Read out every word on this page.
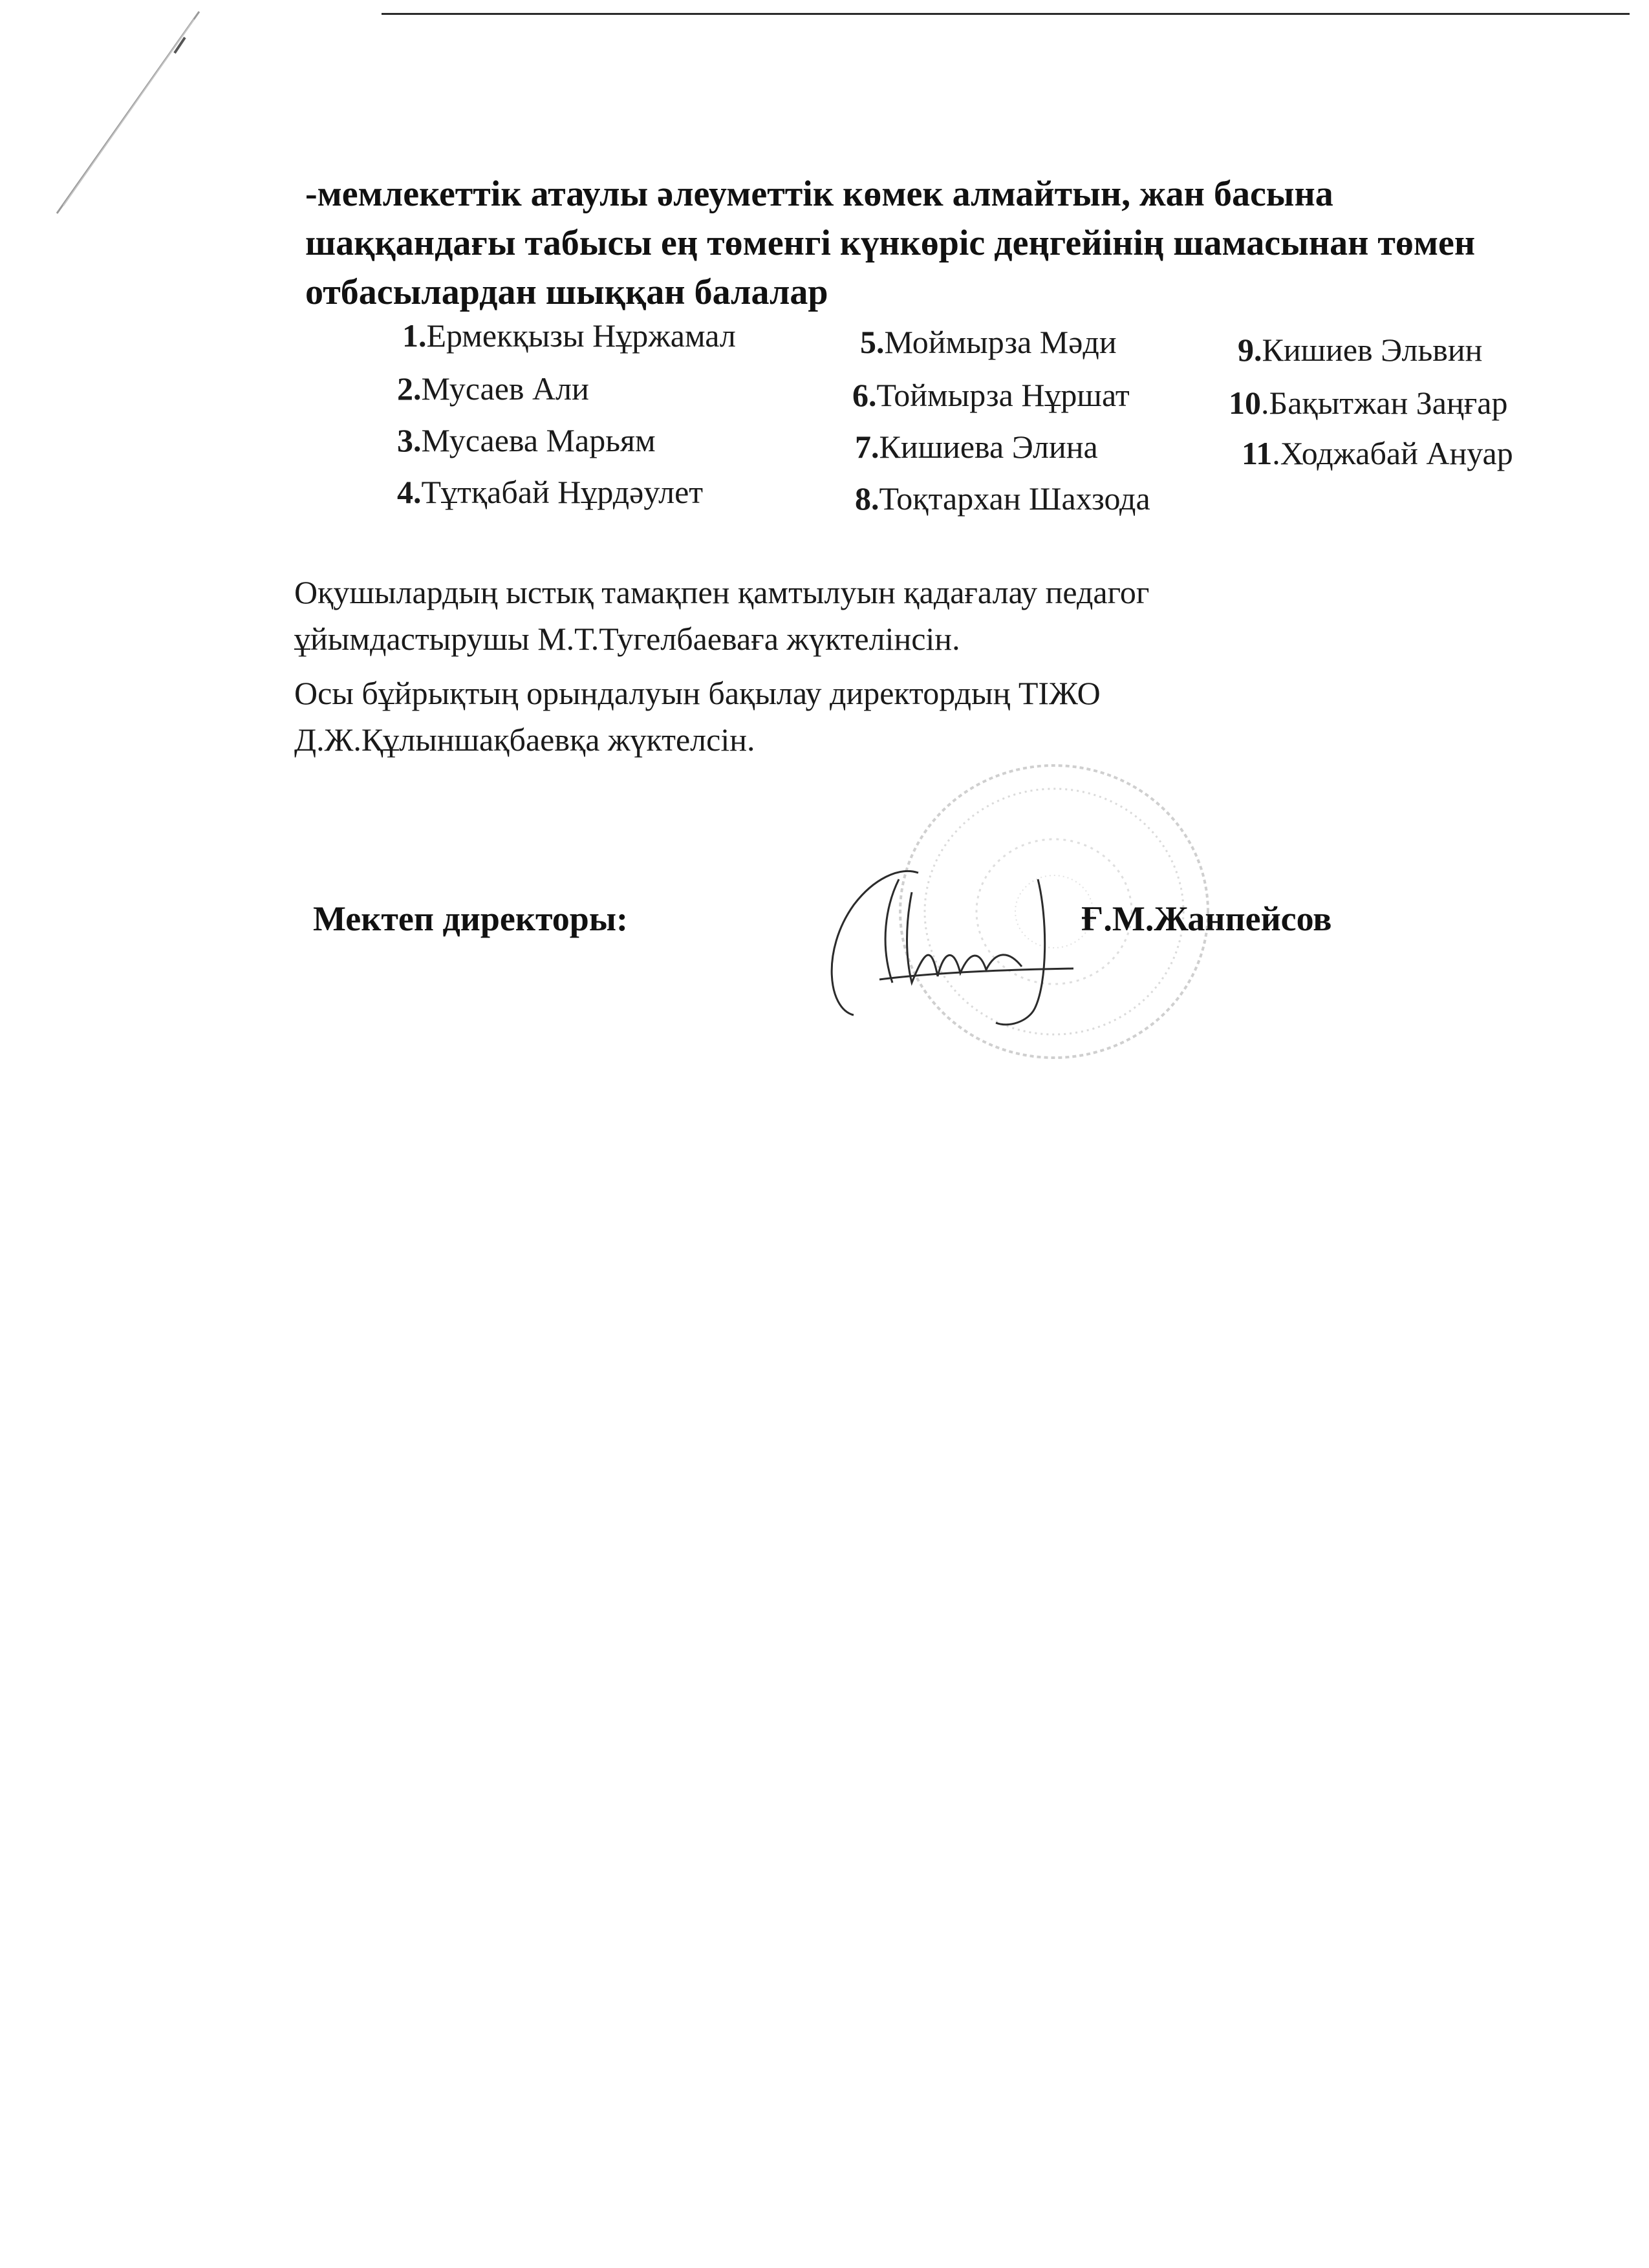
-мемлекеттік атаулы әлеуметтік көмек алмайтын, жан басына
шаққандағы табысы ең төменгі күнкөріс деңгейінің шамасынан төмен
отбасылардан шыққан балалар
1.Ермекқызы Нұржамал
2.Мусаев Али
3.Мусаева Марьям
4.Тұтқабай Нұрдәулет
5.Моймырза Мәди
6.Тоймырза Нұршат
7.Кишиева Элина
8.Тоқтархан Шахзода
9.Кишиев Эльвин
10.Бақытжан Заңғар
11.Ходжабай Ануар
Оқушылардың ыстық тамақпен қамтылуын қадағалау педагог
ұйымдастырушы М.Т.Тугелбаеваға жүктелінсін.
Осы бұйрықтың орындалуын бақылау директордың ТІЖО
Д.Ж.Құлыншақбаевқа жүктелсін.
Мектеп директоры:	Ғ.М.Жанпейсов
